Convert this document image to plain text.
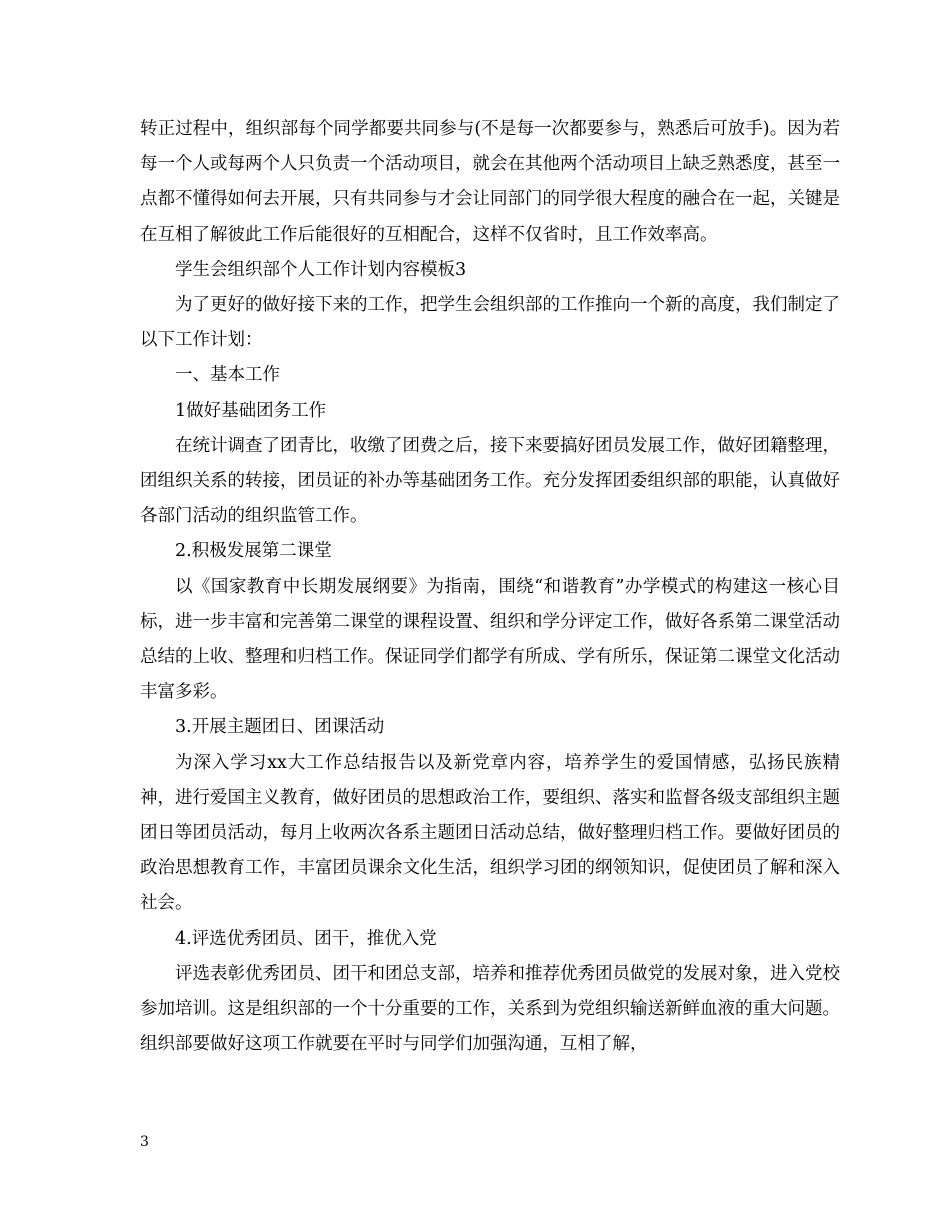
转正过程中，组织部每个同学都要共同参与(不是每一次都要参与，熟悉后可放手)。因为若每一个人或每两个人只负责一个活动项目，就会在其他两个活动项目上缺乏熟悉度，甚至一点都不懂得如何去开展，只有共同参与才会让同部门的同学很大程度的融合在一起，关键是在互相了解彼此工作后能很好的互相配合，这样不仅省时，且工作效率高。

学生会组织部个人工作计划内容模板3

为了更好的做好接下来的工作，把学生会组织部的工作推向一个新的高度，我们制定了以下工作计划：

一、基本工作

1做好基础团务工作

在统计调查了团青比，收缴了团费之后，接下来要搞好团员发展工作，做好团籍整理，团组织关系的转接，团员证的补办等基础团务工作。充分发挥团委组织部的职能，认真做好各部门活动的组织监管工作。

2.积极发展第二课堂

以《国家教育中长期发展纲要》为指南，围绕“和谐教育”办学模式的构建这一核心目标，进一步丰富和完善第二课堂的课程设置、组织和学分评定工作，做好各系第二课堂活动总结的上收、整理和归档工作。保证同学们都学有所成、学有所乐，保证第二课堂文化活动丰富多彩。

3.开展主题团日、团课活动

为深入学习xx大工作总结报告以及新党章内容，培养学生的爱国情感，弘扬民族精神，进行爱国主义教育，做好团员的思想政治工作，要组织、落实和监督各级支部组织主题团日等团员活动，每月上收两次各系主题团日活动总结，做好整理归档工作。要做好团员的政治思想教育工作，丰富团员课余文化生活，组织学习团的纲领知识，促使团员了解和深入社会。

4.评选优秀团员、团干，推优入党

评选表彰优秀团员、团干和团总支部，培养和推荐优秀团员做党的发展对象，进入党校参加培训。这是组织部的一个十分重要的工作，关系到为党组织输送新鲜血液的重大问题。组织部要做好这项工作就要在平时与同学们加强沟通，互相了解，

3
